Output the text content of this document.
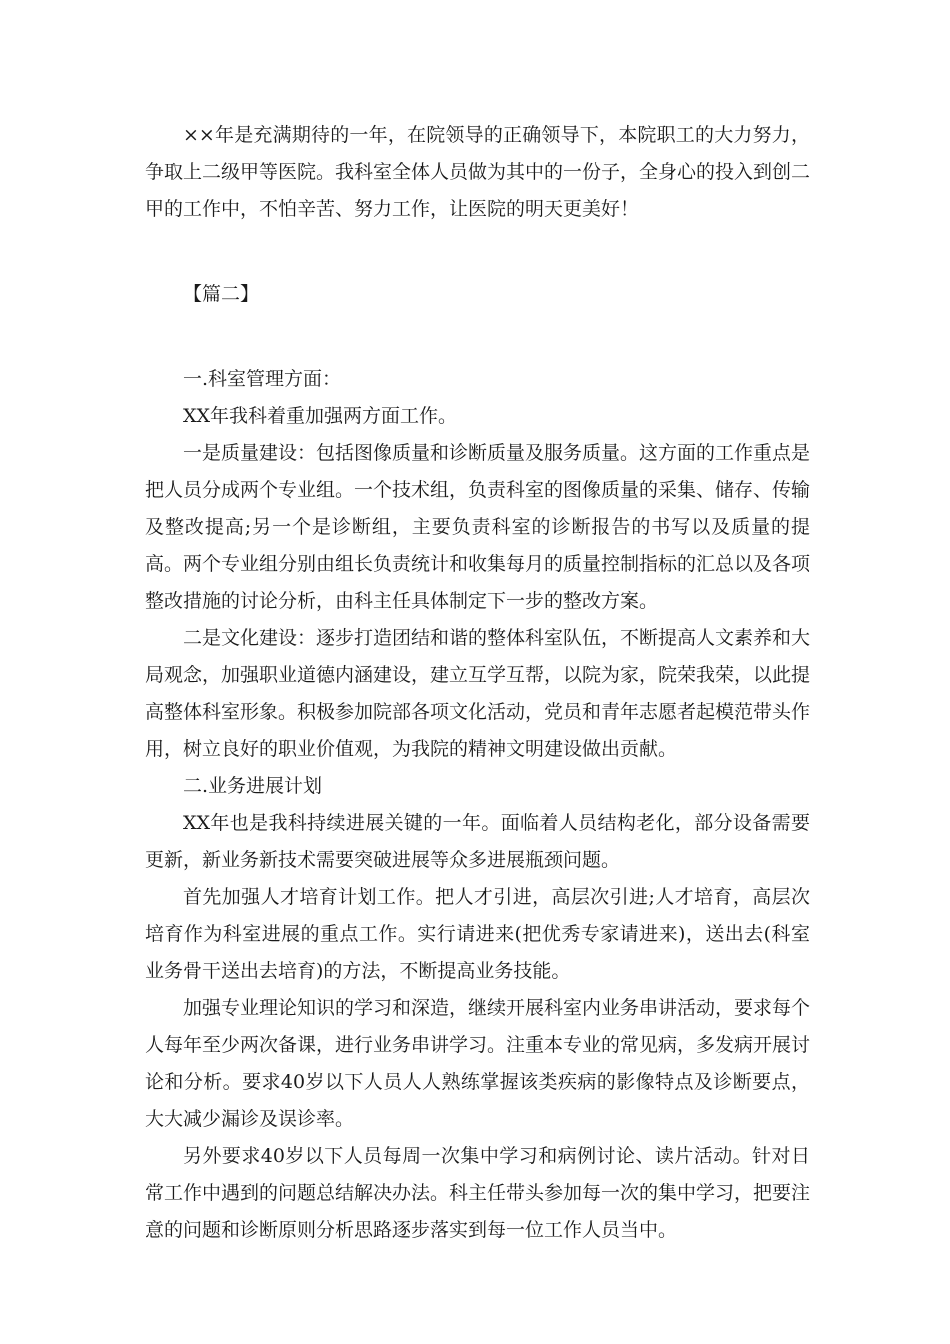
××年是充满期待的一年，在院领导的正确领导下，本院职工的大力努力，争取上二级甲等医院。我科室全体人员做为其中的一份子，全身心的投入到创二甲的工作中，不怕辛苦、努力工作，让医院的明天更美好！

【篇二】

一.科室管理方面：

XX年我科着重加强两方面工作。

一是质量建设：包括图像质量和诊断质量及服务质量。这方面的工作重点是把人员分成两个专业组。一个技术组，负责科室的图像质量的采集、储存、传输及整改提高;另一个是诊断组，主要负责科室的诊断报告的书写以及质量的提高。两个专业组分别由组长负责统计和收集每月的质量控制指标的汇总以及各项整改措施的讨论分析，由科主任具体制定下一步的整改方案。

二是文化建设：逐步打造团结和谐的整体科室队伍，不断提高人文素养和大局观念，加强职业道德内涵建设，建立互学互帮，以院为家，院荣我荣，以此提高整体科室形象。积极参加院部各项文化活动，党员和青年志愿者起模范带头作用，树立良好的职业价值观，为我院的精神文明建设做出贡献。

二.业务进展计划

XX年也是我科持续进展关键的一年。面临着人员结构老化，部分设备需要更新，新业务新技术需要突破进展等众多进展瓶颈问题。

首先加强人才培育计划工作。把人才引进，高层次引进;人才培育，高层次培育作为科室进展的重点工作。实行请进来(把优秀专家请进来)，送出去(科室业务骨干送出去培育)的方法，不断提高业务技能。

加强专业理论知识的学习和深造，继续开展科室内业务串讲活动，要求每个人每年至少两次备课，进行业务串讲学习。注重本专业的常见病，多发病开展讨论和分析。要求40岁以下人员人人熟练掌握该类疾病的影像特点及诊断要点，大大减少漏诊及误诊率。

另外要求40岁以下人员每周一次集中学习和病例讨论、读片活动。针对日常工作中遇到的问题总结解决办法。科主任带头参加每一次的集中学习，把要注意的问题和诊断原则分析思路逐步落实到每一位工作人员当中。
